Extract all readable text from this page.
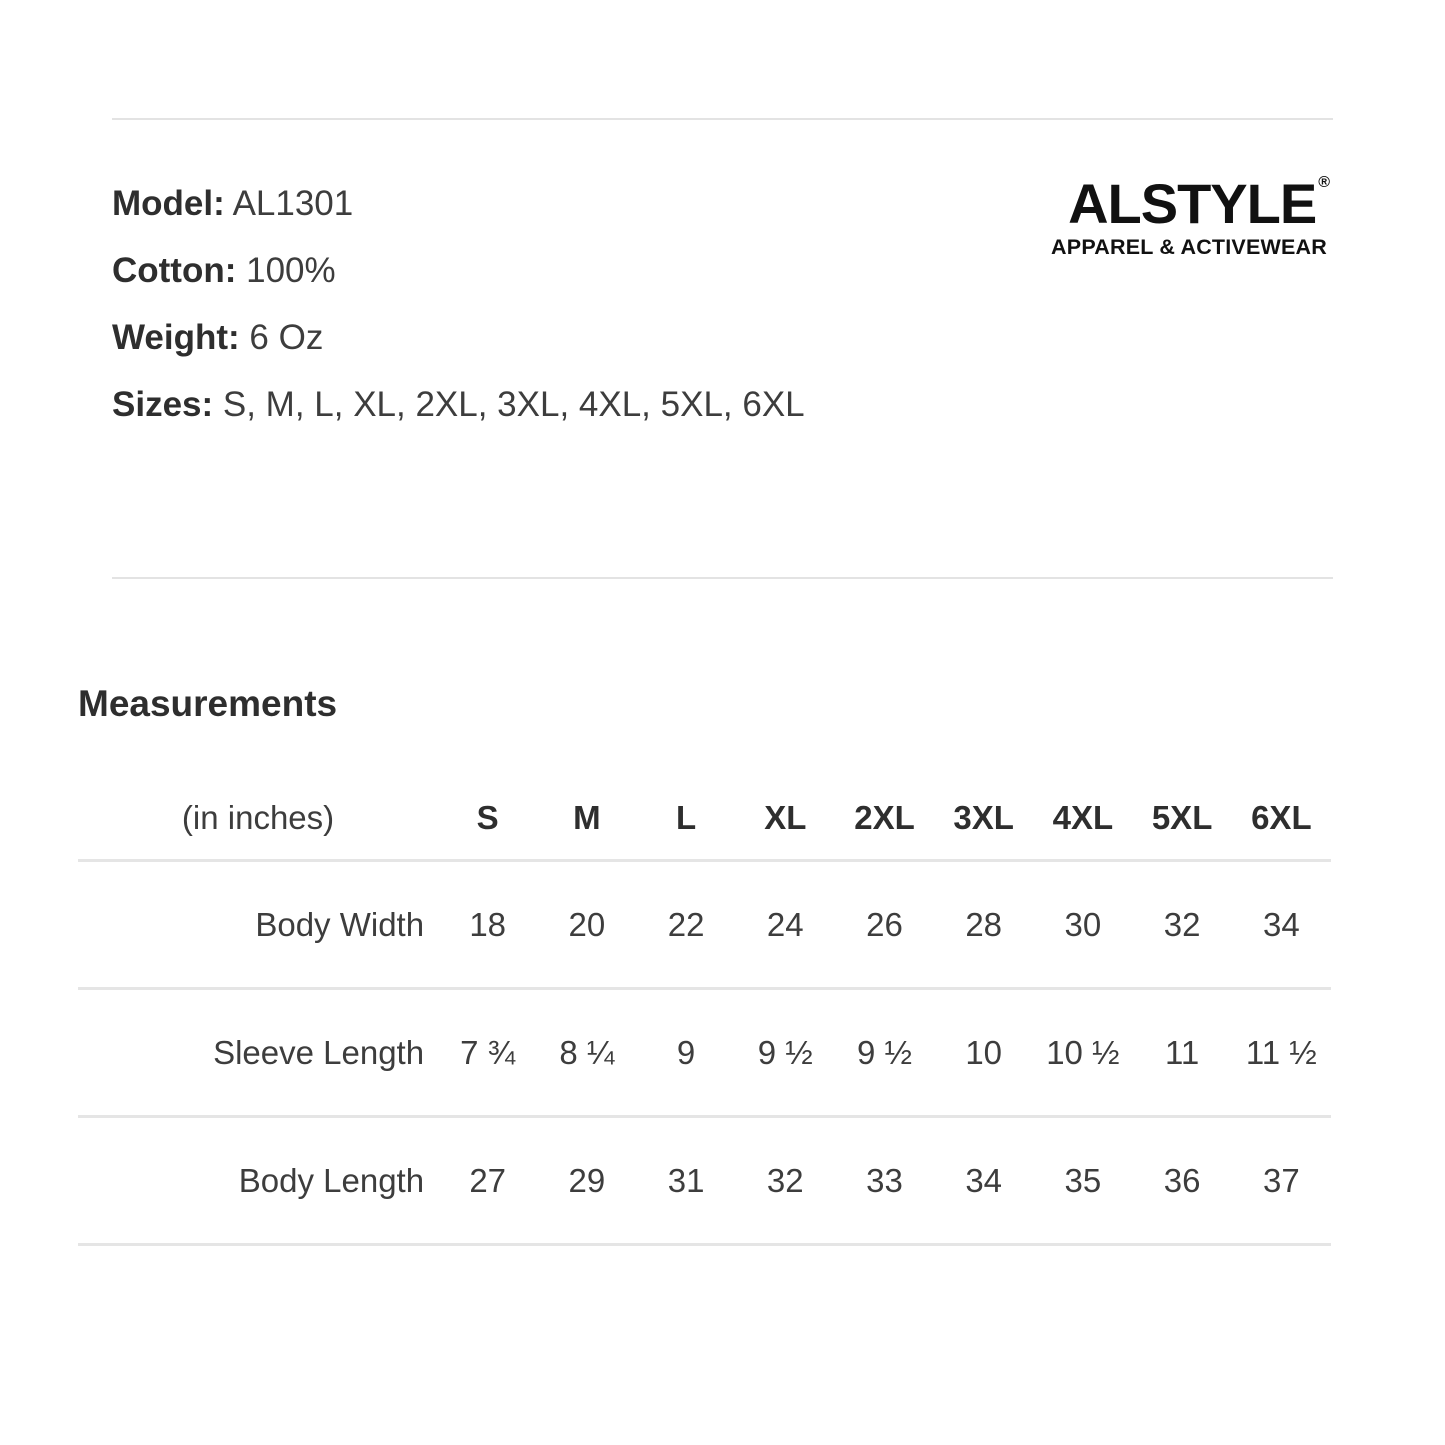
Model: AL1301
Cotton: 100%
Weight: 6 Oz
Sizes: S, M, L, XL, 2XL, 3XL, 4XL, 5XL, 6XL
ALSTYLE ®
APPAREL & ACTIVEWEAR
Measurements
(in inches)	S	M	L	XL	2XL	3XL	4XL	5XL	6XL
Body Width	18	20	22	24	26	28	30	32	34
Sleeve Length	7 ¾	8 ¼	9	9 ½	9 ½	10	10 ½	11	11 ½
Body Length	27	29	31	32	33	34	35	36	37
